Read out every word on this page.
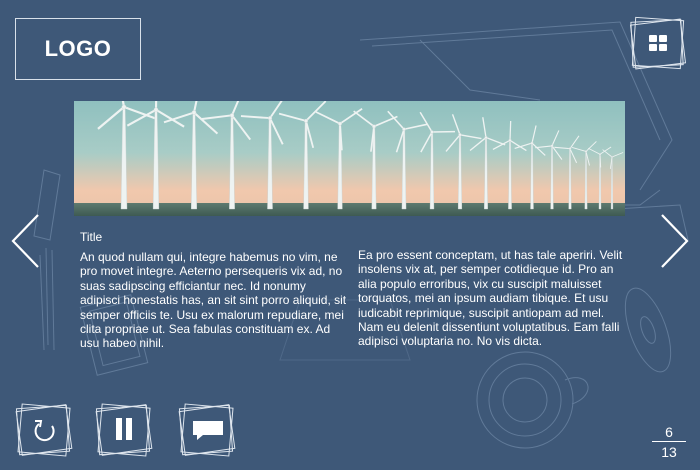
LOGO
Title
An quod nullam qui, integre habemus no vim, ne pro movet integre. Aeterno persequeris vix ad, no suas sadipscing efficiantur nec. Id nonumy adipisci honestatis has, an sit sint porro aliquid, sit semper officiis te. Usu ex malorum repudiare, mei clita propriae ut. Sea fabulas constituam ex. Ad usu habeo nihil.
Ea pro essent conceptam, ut has tale aperiri. Velit insolens vix at, per semper cotidieque id. Pro an alia populo erroribus, vix cu suscipit maluisset torquatos, mei an ipsum audiam tibique. Et usu iudicabit reprimique, suscipit antiopam ad mel. Nam eu delenit dissentiunt voluptatibus. Eam falli adipisci voluptaria no. No vis dicta.
6
13
